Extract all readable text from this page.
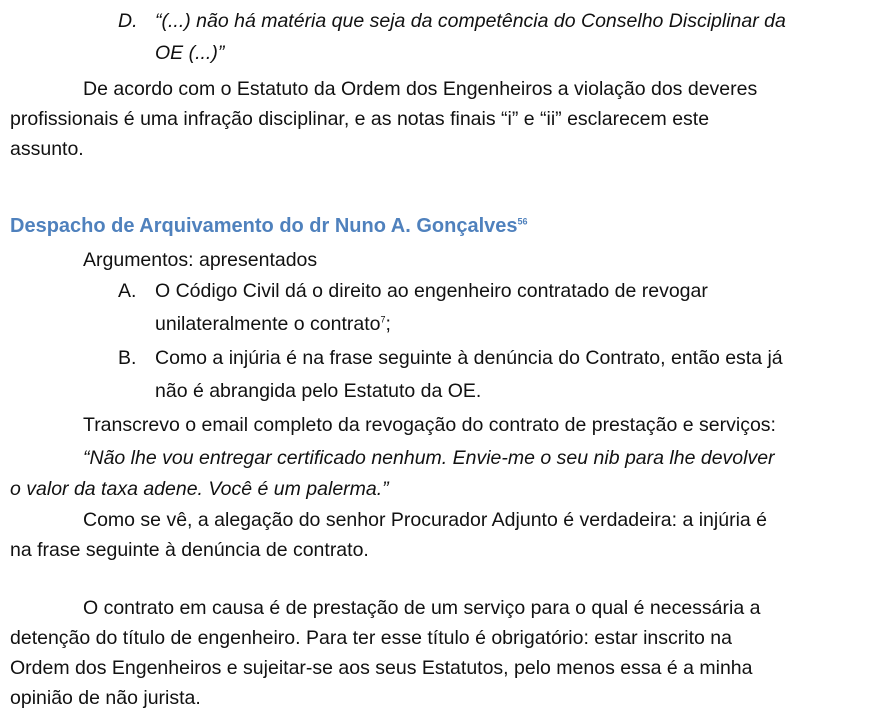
D. “(...) não há matéria que seja da competência do Conselho Disciplinar da
OE (...)”
De acordo com o Estatuto da Ordem dos Engenheiros a violação dos deveres
profissionais é uma infração disciplinar, e as notas finais “i” e “ii” esclarecem este
assunto.
Despacho de Arquivamento do dr Nuno A. Gonçalves$^{56}$
Argumentos: apresentados
A. O Código Civil dá o direito ao engenheiro contratado de revogar
unilateralmente o contrato$^7$;
B. Como a injúria é na frase seguinte à denúncia do Contrato, então esta já
não é abrangida pelo Estatuto da OE.
Transcrevo o email completo da revogação do contrato de prestação e serviços:
“Não lhe vou entregar certificado nenhum. Envie-me o seu nib para lhe devolver
o valor da taxa adene. Você é um palerma.”
Como se vê, a alegação do senhor Procurador Adjunto é verdadeira: a injúria é
na frase seguinte à denúncia de contrato.
O contrato em causa é de prestação de um serviço para o qual é necessária a
detenção do título de engenheiro. Para ter esse título é obrigatório: estar inscrito na
Ordem dos Engenheiros e sujeitar-se aos seus Estatutos, pelo menos essa é a minha
opinião de não jurista.
